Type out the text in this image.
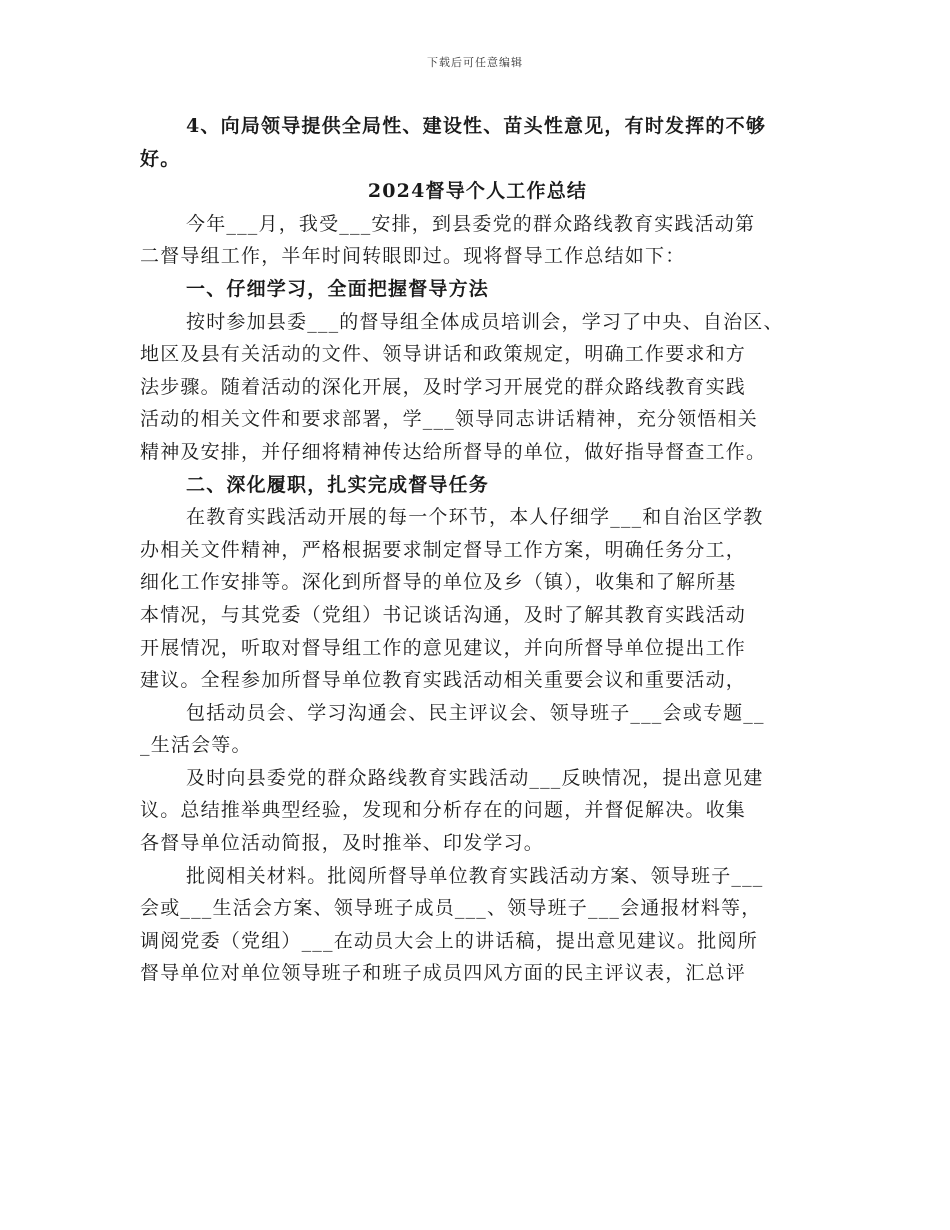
下载后可任意编辑
4、向局领导提供全局性、建设性、苗头性意见，有时发挥的不够
好。
2024督导个人工作总结
今年___月，我受___安排，到县委党的群众路线教育实践活动第
二督导组工作，半年时间转眼即过。现将督导工作总结如下：
一、仔细学习，全面把握督导方法
按时参加县委___的督导组全体成员培训会，学习了中央、自治区、
地区及县有关活动的文件、领导讲话和政策规定，明确工作要求和方
法步骤。随着活动的深化开展，及时学习开展党的群众路线教育实践
活动的相关文件和要求部署，学___领导同志讲话精神，充分领悟相关
精神及安排，并仔细将精神传达给所督导的单位，做好指导督查工作。
二、深化履职，扎实完成督导任务
在教育实践活动开展的每一个环节，本人仔细学___和自治区学教
办相关文件精神，严格根据要求制定督导工作方案，明确任务分工，
细化工作安排等。深化到所督导的单位及乡（镇），收集和了解所基
本情况，与其党委（党组）书记谈话沟通，及时了解其教育实践活动
开展情况，听取对督导组工作的意见建议，并向所督导单位提出工作
建议。全程参加所督导单位教育实践活动相关重要会议和重要活动，
包括动员会、学习沟通会、民主评议会、领导班子___会或专题__
_生活会等。
及时向县委党的群众路线教育实践活动___反映情况，提出意见建
议。总结推举典型经验，发现和分析存在的问题，并督促解决。收集
各督导单位活动简报，及时推举、印发学习。
批阅相关材料。批阅所督导单位教育实践活动方案、领导班子___
会或___生活会方案、领导班子成员___、领导班子___会通报材料等，
调阅党委（党组）___在动员大会上的讲话稿，提出意见建议。批阅所
督导单位对单位领导班子和班子成员四风方面的民主评议表，汇总评
